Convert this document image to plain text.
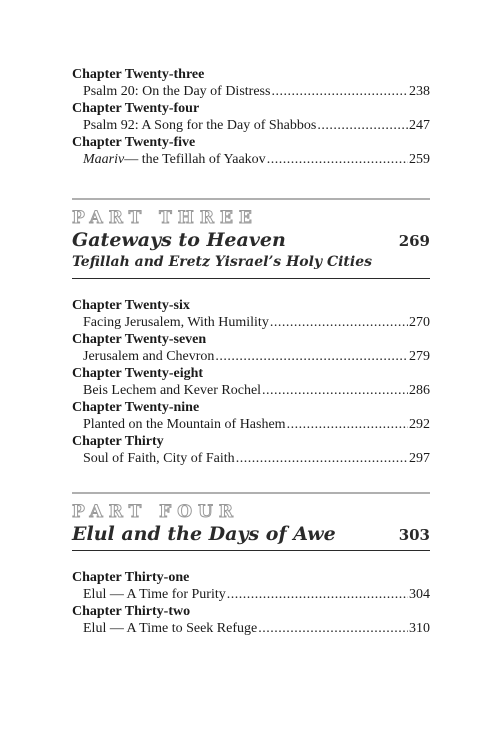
Chapter Twenty-three
Psalm 20: On the Day of Distress .....	238
Chapter Twenty-four
Psalm 92: A Song for the Day of Shabbos .....	247
Chapter Twenty-five
Maariv — the Tefillah of Yaakov .....	259
PART THREE
Gateways to Heaven	269
Tefillah and Eretz Yisrael’s Holy Cities
Chapter Twenty-six
Facing Jerusalem, With Humility .....	270
Chapter Twenty-seven
Jerusalem and Chevron .....	279
Chapter Twenty-eight
Beis Lechem and Kever Rochel .....	286
Chapter Twenty-nine
Planted on the Mountain of Hashem .....	292
Chapter Thirty
Soul of Faith, City of Faith .....	297
PART FOUR
Elul and the Days of Awe	303
Chapter Thirty-one
Elul — A Time for Purity .....	304
Chapter Thirty-two
Elul — A Time to Seek Refuge .....	310
